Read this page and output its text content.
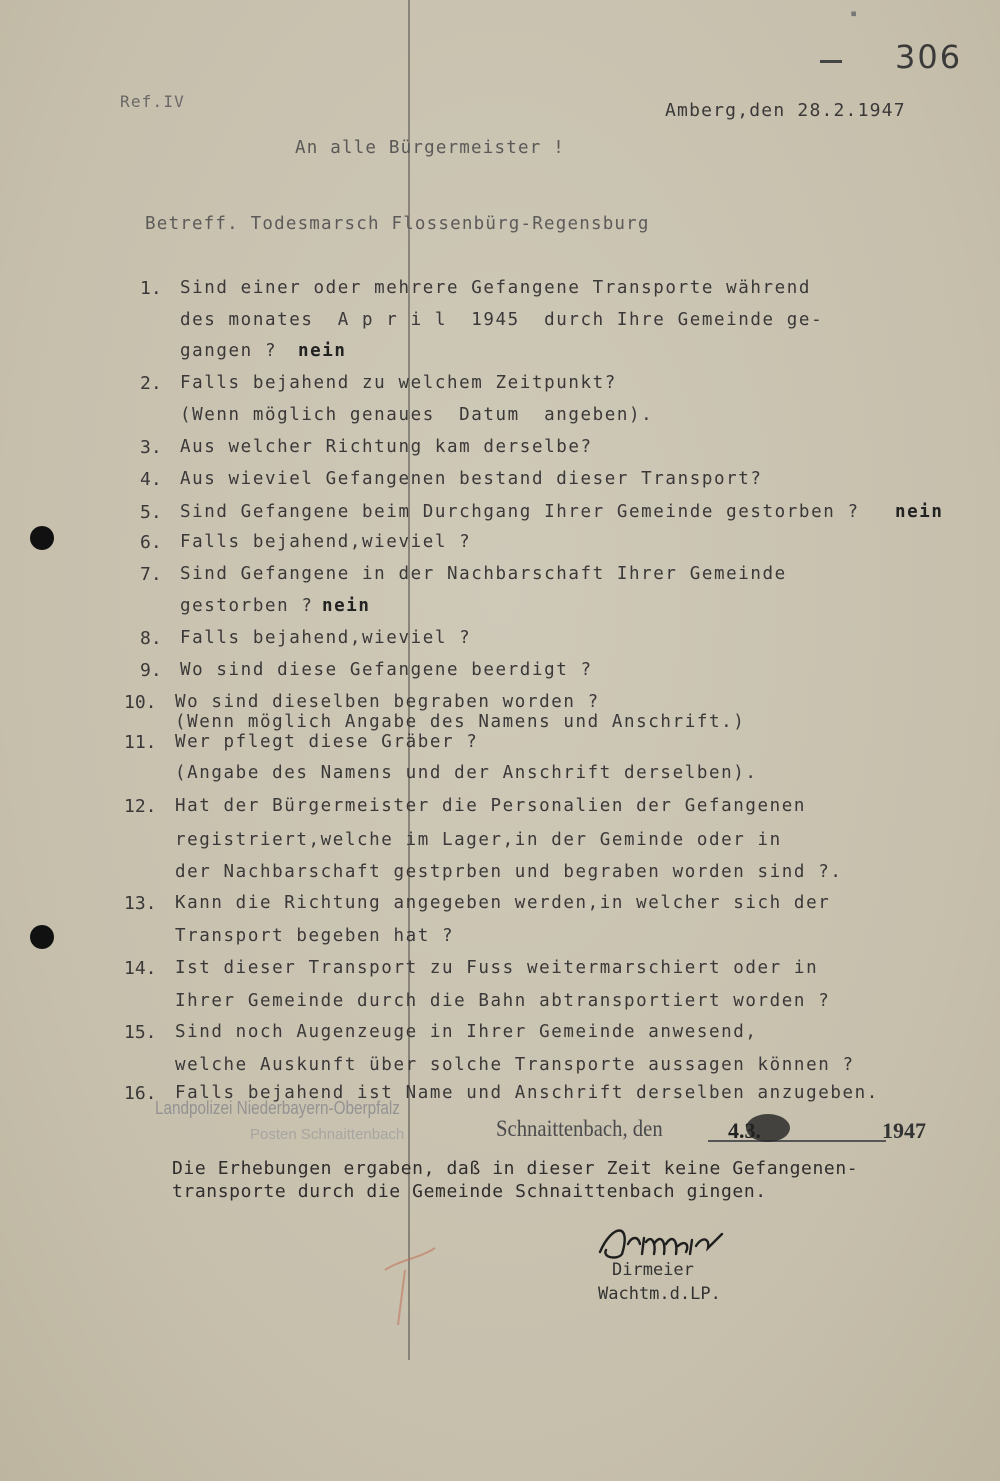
▪
306
Ref.IV	Amberg,den 28.2.1947
An alle Bürgermeister !
Betreff. Todesmarsch Flossenbürg-Regensburg
1. Sind einer oder mehrere Gefangene Transporte während
des monates  A p r i l  1945  durch Ihre Gemeinde ge-
gangen ? nein
2. Falls bejahend zu welchem Zeitpunkt?
(Wenn möglich genaues  Datum  angeben).
3. Aus welcher Richtung kam derselbe?
4. Aus wieviel Gefangenen bestand dieser Transport?
5. Sind Gefangene beim Durchgang Ihrer Gemeinde gestorben ? nein
6. Falls bejahend,wieviel ?
7. Sind Gefangene in der Nachbarschaft Ihrer Gemeinde
gestorben ? nein
8. Falls bejahend,wieviel ?
9. Wo sind diese Gefangene beerdigt ?
10. Wo sind dieselben begraben worden ?
(Wenn möglich Angabe des Namens und Anschrift.)
11. Wer pflegt diese Gräber ?
(Angabe des Namens und der Anschrift derselben).
12. Hat der Bürgermeister die Personalien der Gefangenen
registriert,welche im Lager,in der Geminde oder in
der Nachbarschaft gestprben und begraben worden sind ?.
13. Kann die Richtung angegeben werden,in welcher sich der
Transport begeben hat ?
14. Ist dieser Transport zu Fuss weitermarschiert oder in
Ihrer Gemeinde durch die Bahn abtransportiert worden ?
15. Sind noch Augenzeuge in Ihrer Gemeinde anwesend,
welche Auskunft über solche Transporte aussagen können ?
16. Falls bejahend ist Name und Anschrift derselben anzugeben.
Landpolizei Niederbayern-Oberpfalz
Posten Schnaittenbach	Schnaittenbach, den	4.3.	1947
Die Erhebungen ergaben, daß in dieser Zeit keine Gefangenen-
transporte durch die Gemeinde Schnaittenbach gingen.
Dirmeier
Wachtm.d.LP.
